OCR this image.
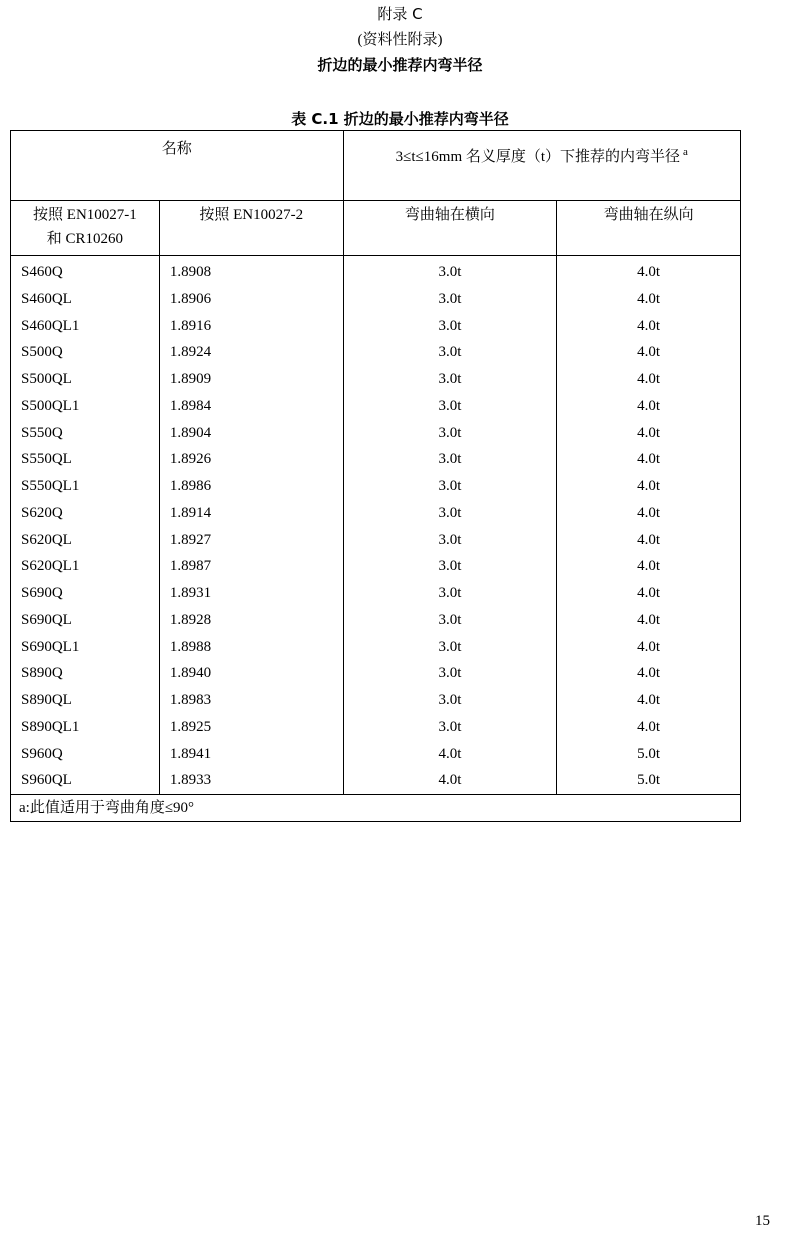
附录 C
(资料性附录)
折边的最小推荐内弯半径
表 C.1 折边的最小推荐内弯半径
名称		3≤t≤16mm 名义厚度（t）下推荐的内弯半径 $^a$

按照 EN10027-1
和 CR10260	按照 EN10027-2	弯曲轴在横向	弯曲轴在纵向
S460Q	1.8908	3.0t	4.0t
S460QL	1.8906	3.0t	4.0t
S460QL1	1.8916	3.0t	4.0t
S500Q	1.8924	3.0t	4.0t
S500QL	1.8909	3.0t	4.0t
S500QL1	1.8984	3.0t	4.0t
S550Q	1.8904	3.0t	4.0t
S550QL	1.8926	3.0t	4.0t
S550QL1	1.8986	3.0t	4.0t
S620Q	1.8914	3.0t	4.0t
S620QL	1.8927	3.0t	4.0t
S620QL1	1.8987	3.0t	4.0t
S690Q	1.8931	3.0t	4.0t
S690QL	1.8928	3.0t	4.0t
S690QL1	1.8988	3.0t	4.0t
S890Q	1.8940	3.0t	4.0t
S890QL	1.8983	3.0t	4.0t
S890QL1	1.8925	3.0t	4.0t
S960Q	1.8941	4.0t	5.0t
S960QL	1.8933	4.0t	5.0t
a:此值适用于弯曲角度≤90°			
15
